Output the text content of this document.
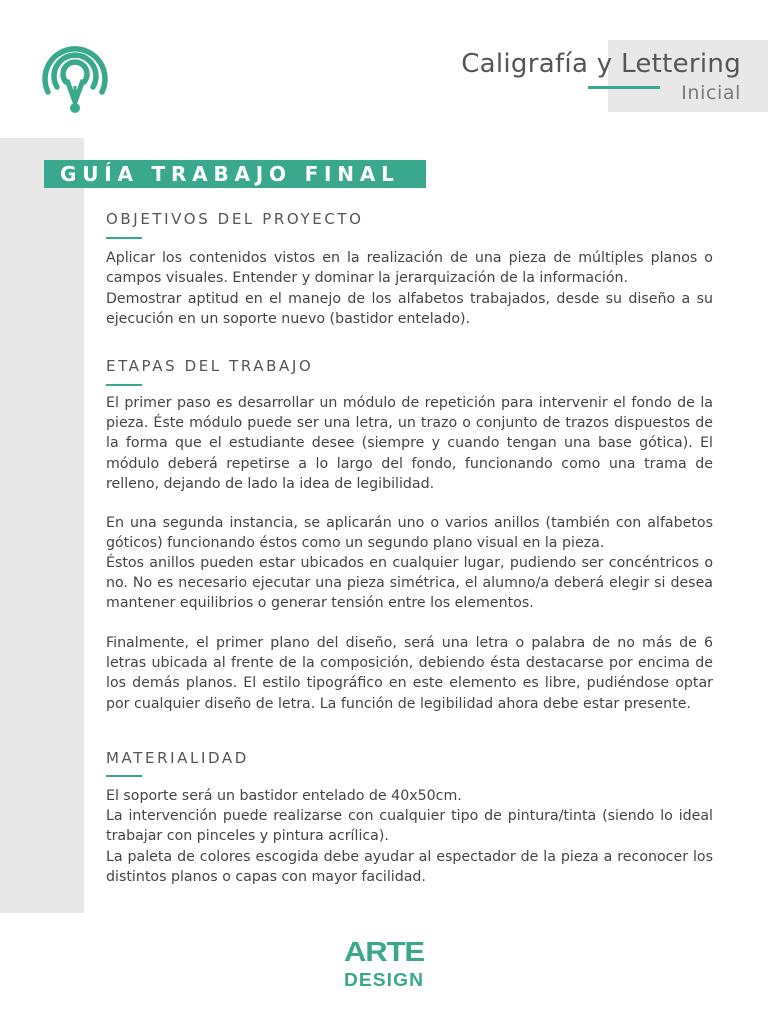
Caligrafía y Lettering
Inicial
GUÍA TRABAJO FINAL
OBJETIVOS DEL PROYECTO

Aplicar los contenidos vistos en la realización de una pieza de múltiples planos o campos visuales. Entender y dominar la jerarquización de la información.

Demostrar aptitud en el manejo de los alfabetos trabajados, desde su diseño a su ejecución en un soporte nuevo (bastidor entelado).

ETAPAS DEL TRABAJO

El primer paso es desarrollar un módulo de repetición para intervenir el fondo de la pieza. Éste módulo puede ser una letra, un trazo o conjunto de trazos dispuestos de la forma que el estudiante desee (siempre y cuando tengan una base gótica). El módulo deberá repetirse a lo largo del fondo, funcionando como una trama de relleno, dejando de lado la idea de legibilidad.

En una segunda instancia, se aplicarán uno o varios anillos (también con alfabetos góticos) funcionando éstos como un segundo plano visual en la pieza.

Éstos anillos pueden estar ubicados en cualquier lugar, pudiendo ser concéntricos o no. No es necesario ejecutar una pieza simétrica, el alumno/a deberá elegir si desea mantener equilibrios o generar tensión entre los elementos.

Finalmente, el primer plano del diseño, será una letra o palabra de no más de 6 letras ubicada al frente de la composición, debiendo ésta destacarse por encima de los demás planos. El estilo tipográfico en este elemento es libre, pudiéndose optar por cualquier diseño de letra. La función de legibilidad ahora debe estar presente.

MATERIALIDAD

El soporte será un bastidor entelado de 40x50cm.

La intervención puede realizarse con cualquier tipo de pintura/tinta (siendo lo ideal trabajar con pinceles y pintura acrílica).

La paleta de colores escogida debe ayudar al espectador de la pieza a reconocer los distintos planos o capas con mayor facilidad.

ARTE
DESIGN
